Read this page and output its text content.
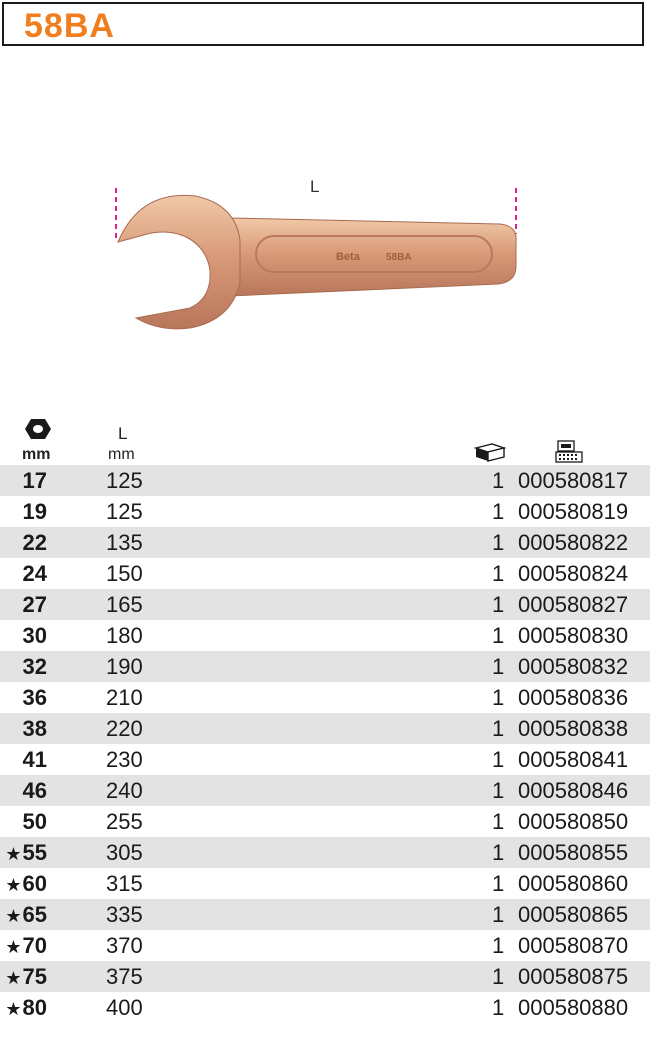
58BA
L
Beta	58BA
mm
L
mm
17	125	1 000580817
19	125	1 000580819
22	135	1 000580822
24	150	1 000580824
27	165	1 000580827
30	180	1 000580830
32	190	1 000580832
36	210	1 000580836
38	220	1 000580838
41	230	1 000580841
46	240	1 000580846
50	255	1 000580850
★55	305	1 000580855
★60	315	1 000580860
★65	335	1 000580865
★70	370	1 000580870
★75	375	1 000580875
★80	400	1 000580880
